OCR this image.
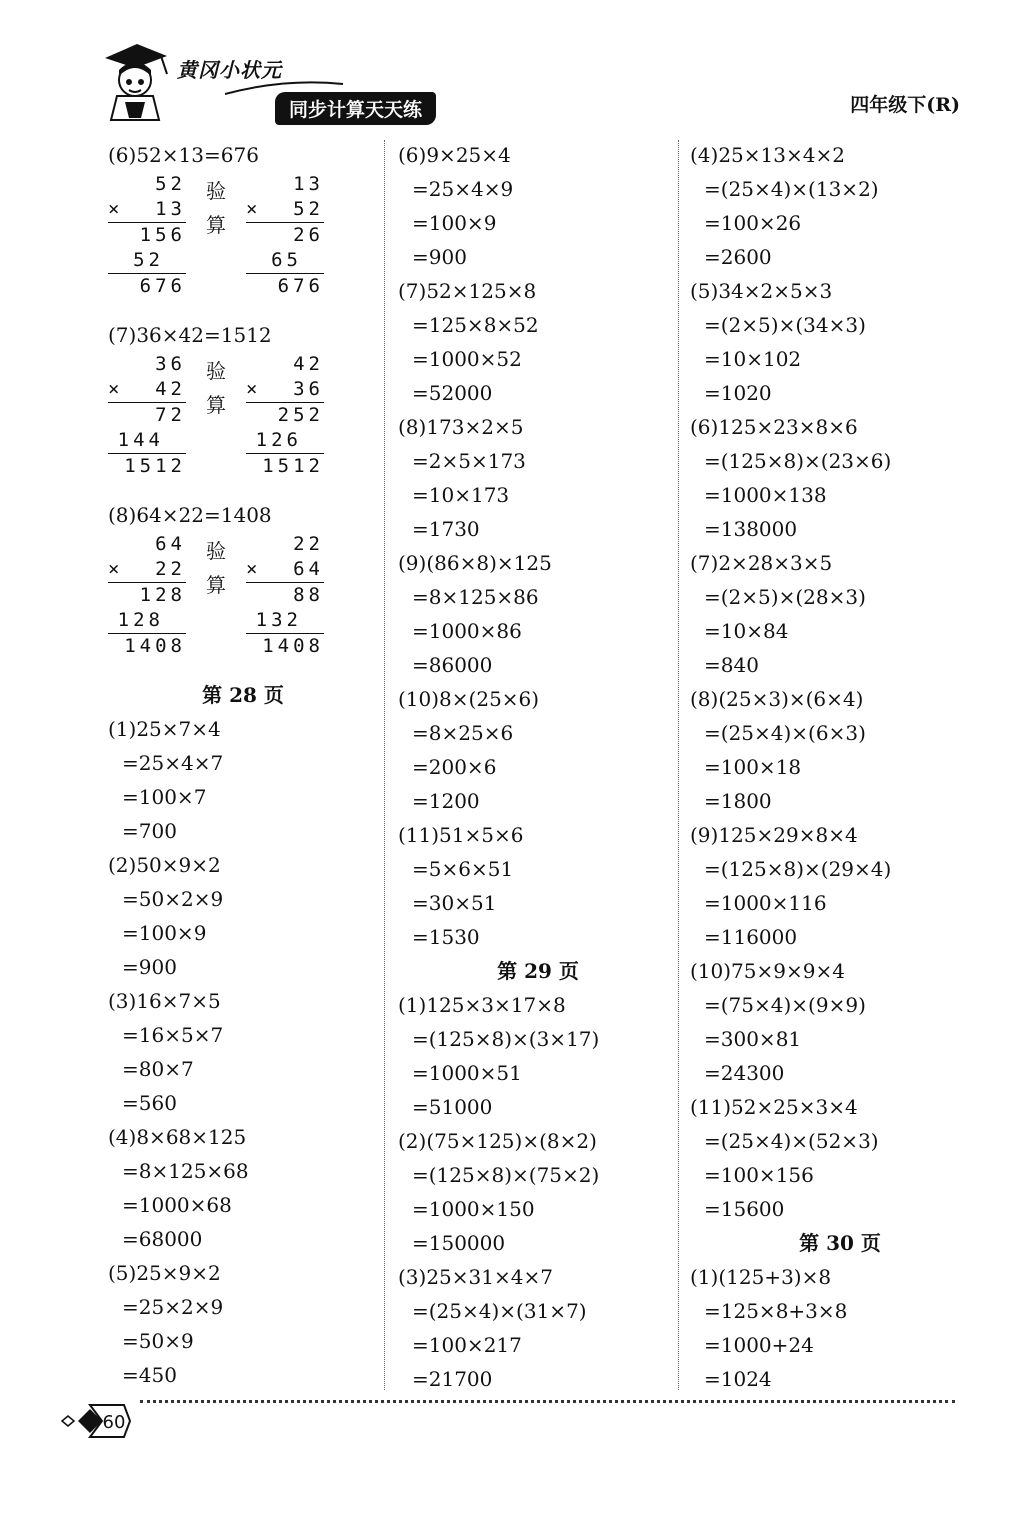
黄冈小状元
同步计算天天练	四年级下(R)
(6)52×13=676
52
× 13
156
52
676
验
算
13
× 52
26
65
676
(7)36×42=1512
36
× 42
72
144
1512
验
算
42
× 36
252
126
1512
(8)64×22=1408
64
× 22
128
128
1408
验
算
22
× 64
88
132
1408
第 28 页
(1)25×7×4
=25×4×7
=100×7
=700
(2)50×9×2
=50×2×9
=100×9
=900
(3)16×7×5
=16×5×7
=80×7
=560
(4)8×68×125
=8×125×68
=1000×68
=68000
(5)25×9×2
=25×2×9
=50×9
=450
(6)9×25×4
=25×4×9
=100×9
=900
(7)52×125×8
=125×8×52
=1000×52
=52000
(8)173×2×5
=2×5×173
=10×173
=1730
(9)(86×8)×125
=8×125×86
=1000×86
=86000
(10)8×(25×6)
=8×25×6
=200×6
=1200
(11)51×5×6
=5×6×51
=30×51
=1530
第 29 页
(1)125×3×17×8
=(125×8)×(3×17)
=1000×51
=51000
(2)(75×125)×(8×2)
=(125×8)×(75×2)
=1000×150
=150000
(3)25×31×4×7
=(25×4)×(31×7)
=100×217
=21700
(4)25×13×4×2
=(25×4)×(13×2)
=100×26
=2600
(5)34×2×5×3
=(2×5)×(34×3)
=10×102
=1020
(6)125×23×8×6
=(125×8)×(23×6)
=1000×138
=138000
(7)2×28×3×5
=(2×5)×(28×3)
=10×84
=840
(8)(25×3)×(6×4)
=(25×4)×(6×3)
=100×18
=1800
(9)125×29×8×4
=(125×8)×(29×4)
=1000×116
=116000
(10)75×9×9×4
=(75×4)×(9×9)
=300×81
=24300
(11)52×25×3×4
=(25×4)×(52×3)
=100×156
=15600
第 30 页
(1)(125+3)×8
=125×8+3×8
=1000+24
=1024
60
